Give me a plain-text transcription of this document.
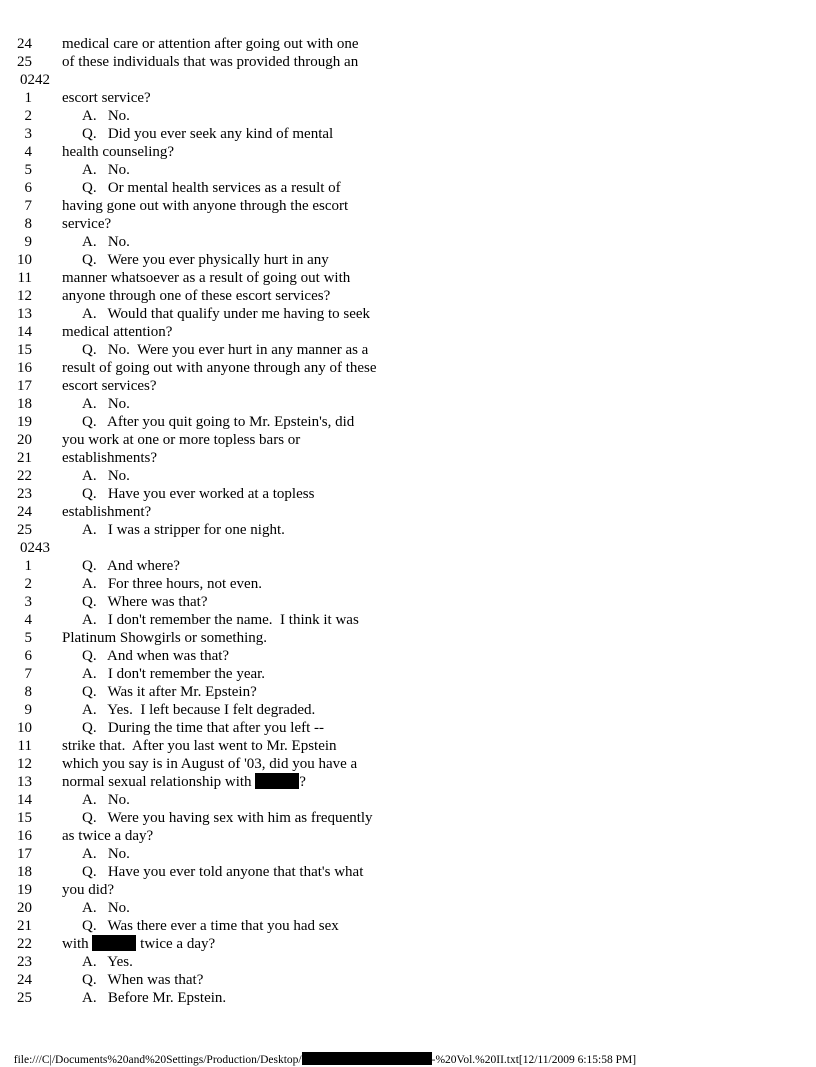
24 medical care or attention after going out with one
25 of these individuals that was provided through an
0242
1 escort service?
2	A.   No.
3	Q.   Did you ever seek any kind of mental
4 health counseling?
5	A.   No.
6	Q.   Or mental health services as a result of
7 having gone out with anyone through the escort
8 service?
9	A.   No.
10	Q.   Were you ever physically hurt in any
11 manner whatsoever as a result of going out with
12 anyone through one of these escort services?
13	A.   Would that qualify under me having to seek
14 medical attention?
15	Q.   No.  Were you ever hurt in any manner as a
16 result of going out with anyone through any of these
17 escort services?
18	A.   No.
19	Q.   After you quit going to Mr. Epstein's, did
20 you work at one or more topless bars or
21 establishments?
22	A.   No.
23	Q.   Have you ever worked at a topless
24 establishment?
25	A.   I was a stripper for one night.
0243
1	Q.   And where?
2	A.   For three hours, not even.
3	Q.   Where was that?
4	A.   I don't remember the name.  I think it was
5 Platinum Showgirls or something.
6	Q.   And when was that?
7	A.   I don't remember the year.
8	Q.   Was it after Mr. Epstein?
9	A.   Yes.  I left because I felt degraded.
10	Q.   During the time that after you left --
11 strike that.  After you last went to Mr. Epstein
12 which you say is in August of '03, did you have a
13 normal sexual relationship with	?
14	A.   No.
15	Q.   Were you having sex with him as frequently
16 as twice a day?
17	A.   No.
18	Q.   Have you ever told anyone that that's what
19 you did?
20	A.   No.
21	Q.   Was there ever a time that you had sex
22 with	twice a day?
23	A.   Yes.
24	Q.   When was that?
25	A.   Before Mr. Epstein.

file:///C|/Documents%20and%20Settings/Production/Desktop/	-%20Vol.%20II.txt[12/11/2009 6:15:58 PM]
